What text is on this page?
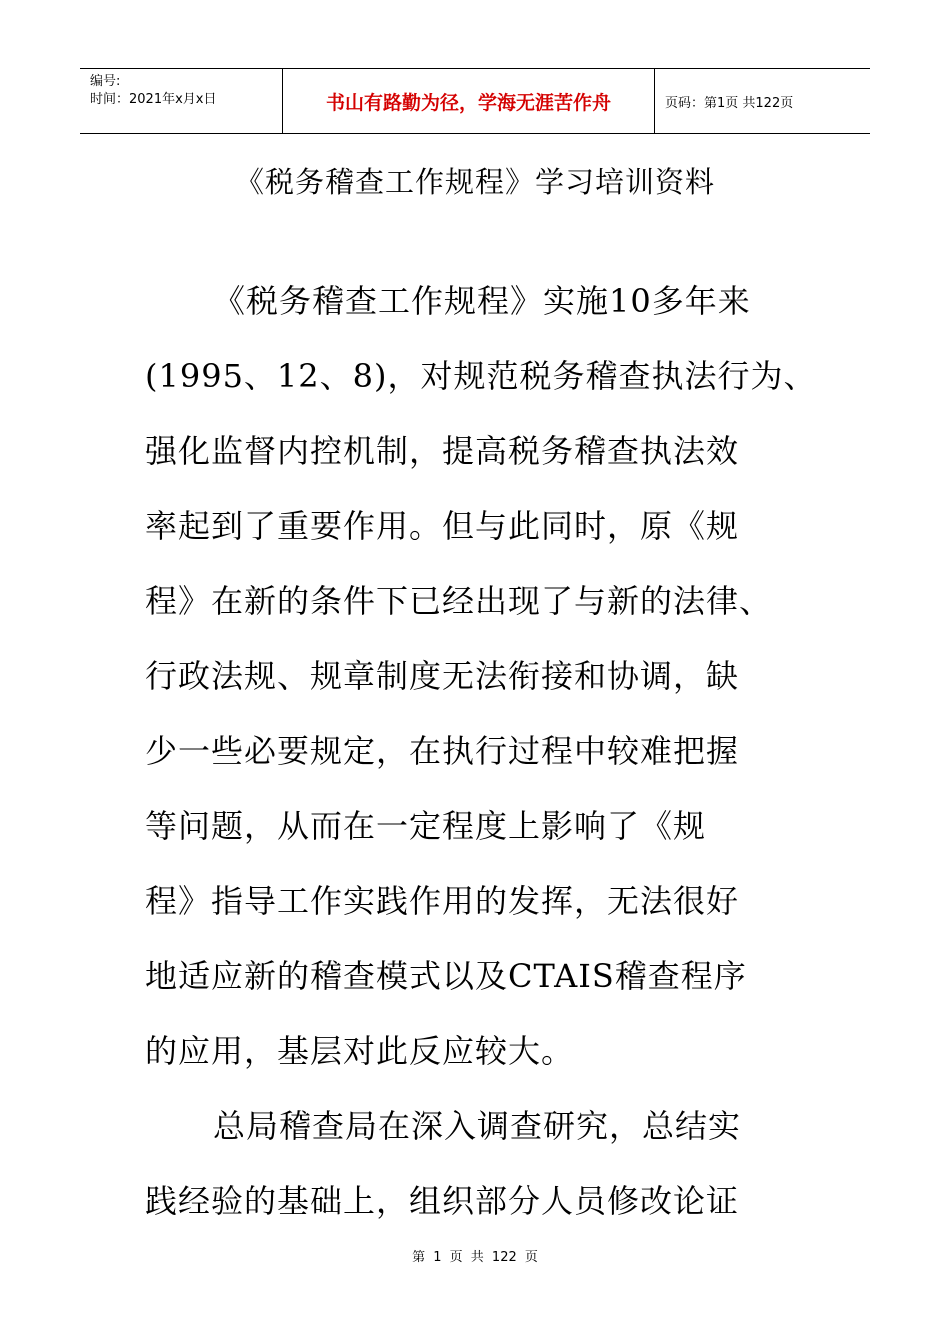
编号:
时间：2021年x月x日	书山有路勤为径，学海无涯苦作舟	页码：第1页 共122页
《税务稽查工作规程》学习培训资料
《税务稽查工作规程》实施10多年来
(1995、12、8)，对规范税务稽查执法行为、
强化监督内控机制，提高税务稽查执法效
率起到了重要作用。但与此同时，原《规
程》在新的条件下已经出现了与新的法律、
行政法规、规章制度无法衔接和协调，缺
少一些必要规定，在执行过程中较难把握
等问题，从而在一定程度上影响了《规
程》指导工作实践作用的发挥，无法很好
地适应新的稽查模式以及CTAIS稽查程序
的应用，基层对此反应较大。
总局稽查局在深入调查研究，总结实
践经验的基础上，组织部分人员修改论证
第 1 页 共 122 页
